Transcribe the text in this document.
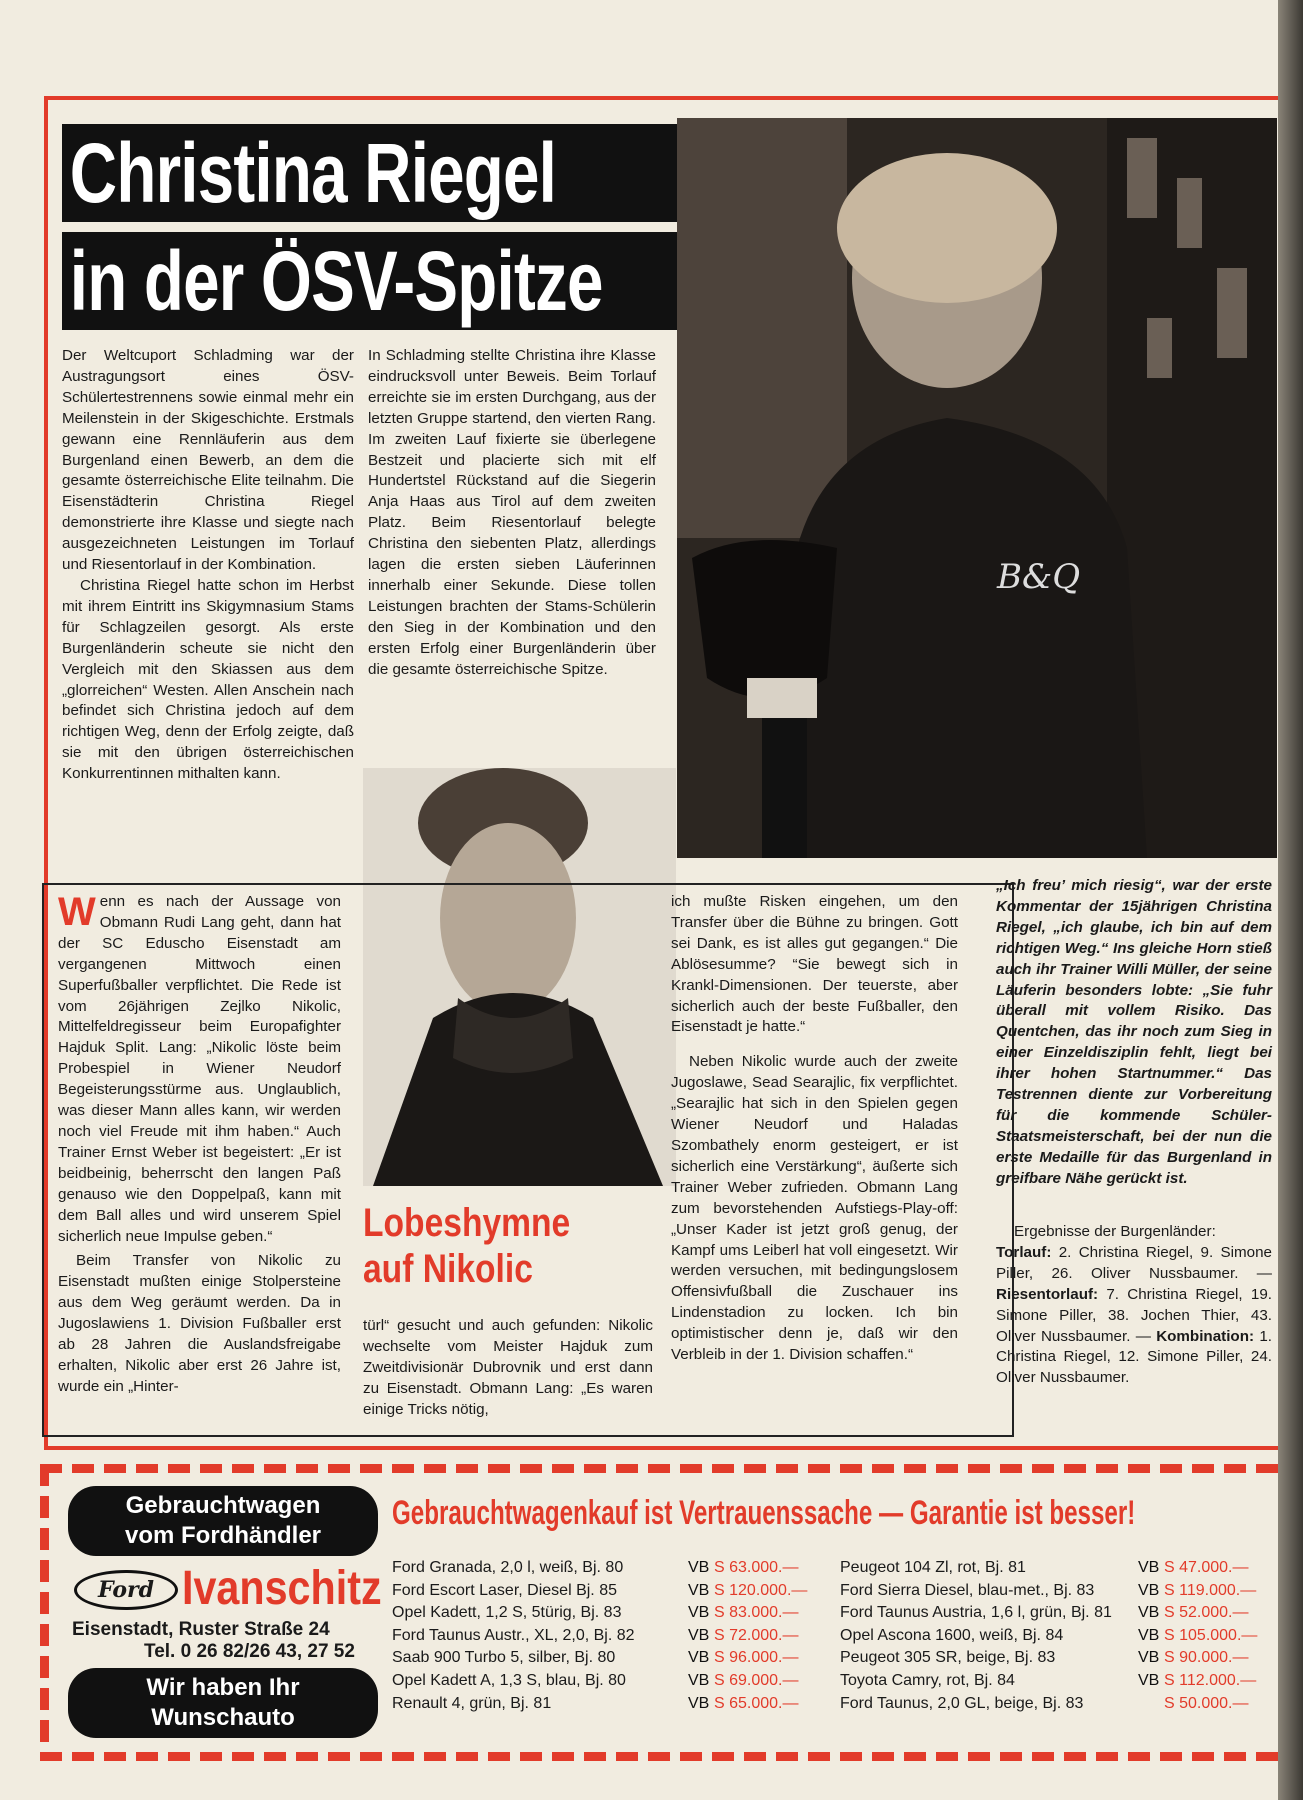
Christina Riegel
in der ÖSV-Spitze
B&Q

Der Weltcuport Schladming war der Austragungsort eines ÖSV-Schülertestrennens sowie einmal mehr ein Meilenstein in der Skigeschichte. Erstmals gewann eine Rennläuferin aus dem Burgenland einen Bewerb, an dem die gesamte österreichische Elite teilnahm. Die Eisenstädterin Christina Riegel demonstrierte ihre Klasse und siegte nach ausgezeichneten Leistungen im Torlauf und Riesentorlauf in der Kombination.

Christina Riegel hatte schon im Herbst mit ihrem Eintritt ins Skigymnasium Stams für Schlagzeilen gesorgt. Als erste Burgenländerin scheute sie nicht den Vergleich mit den Skiassen aus dem „glorreichen“ Westen. Allen Anschein nach befindet sich Christina jedoch auf dem richtigen Weg, denn der Erfolg zeigte, daß sie mit den übrigen österreichischen Konkurrentinnen mithalten kann.

In Schladming stellte Christina ihre Klasse eindrucksvoll unter Beweis. Beim Torlauf erreichte sie im ersten Durchgang, aus der letzten Gruppe startend, den vierten Rang. Im zweiten Lauf fixierte sie überlegene Bestzeit und placierte sich mit elf Hundertstel Rückstand auf die Siegerin Anja Haas aus Tirol auf dem zweiten Platz. Beim Riesentorlauf belegte Christina den siebenten Platz, allerdings lagen die ersten sieben Läuferinnen innerhalb einer Sekunde. Diese tollen Leistungen brachten der Stams-Schülerin den Sieg in der Kombination und den ersten Erfolg einer Burgenländerin über die gesamte österreichische Spitze.

Wenn es nach der Aussage von Obmann Rudi Lang geht, dann hat der SC Eduscho Eisenstadt am vergangenen Mittwoch einen Superfußballer verpflichtet. Die Rede ist vom 26jährigen Zejlko Nikolic, Mittelfeldregisseur beim Europafighter Hajduk Split. Lang: „Nikolic löste beim Probespiel in Wiener Neudorf Begeisterungsstürme aus. Unglaublich, was dieser Mann alles kann, wir werden noch viel Freude mit ihm haben.“ Auch Trainer Ernst Weber ist begeistert: „Er ist beidbeinig, beherrscht den langen Paß genauso wie den Doppelpaß, kann mit dem Ball alles und wird unserem Spiel sicherlich neue Impulse geben.“

Beim Transfer von Nikolic zu Eisenstadt mußten einige Stolpersteine aus dem Weg geräumt werden. Da in Jugoslawiens 1. Division Fußballer erst ab 28 Jahren die Auslandsfreigabe erhalten, Nikolic aber erst 26 Jahre ist, wurde ein „Hinter-

Lobeshymne
auf Nikolic

türl“ gesucht und auch gefunden: Nikolic wechselte vom Meister Hajduk zum Zweitdivisionär Dubrovnik und erst dann zu Eisenstadt. Obmann Lang: „Es waren einige Tricks nötig,

ich mußte Risken eingehen, um den Transfer über die Bühne zu bringen. Gott sei Dank, es ist alles gut gegangen.“ Die Ablösesumme? “Sie bewegt sich in Krankl-Dimensionen. Der teuerste, aber sicherlich auch der beste Fußballer, den Eisenstadt je hatte.“

Neben Nikolic wurde auch der zweite Jugoslawe, Sead Searajlic, fix verpflichtet. „Searajlic hat sich in den Spielen gegen Wiener Neudorf und Haladas Szombathely enorm gesteigert, er ist sicherlich eine Verstärkung“, äußerte sich Trainer Weber zufrieden. Obmann Lang zum bevorstehenden Aufstiegs-Play-off: „Unser Kader ist jetzt groß genug, der Kampf ums Leiberl hat voll eingesetzt. Wir werden versuchen, mit bedingungslosem Offensivfußball die Zuschauer ins Lindenstadion zu locken. Ich bin optimistischer denn je, daß wir den Verbleib in der 1. Division schaffen.“

„Ich freu’ mich riesig“, war der erste Kommentar der 15jährigen Christina Riegel, „ich glaube, ich bin auf dem richtigen Weg.“ Ins gleiche Horn stieß auch ihr Trainer Willi Müller, der seine Läuferin besonders lobte: „Sie fuhr überall mit vollem Risiko. Das Quentchen, das ihr noch zum Sieg in einer Einzeldisziplin fehlt, liegt bei ihrer hohen Startnummer.“ Das Testrennen diente zur Vorbereitung für die kommende Schüler-Staatsmeisterschaft, bei der nun die erste Medaille für das Burgenland in greifbare Nähe gerückt ist.

Ergebnisse der Burgenländer:

Torlauf: 2. Christina Riegel, 9. Simone Piller, 26. Oliver Nussbaumer. — Riesentorlauf: 7. Christina Riegel, 19. Simone Piller, 38. Jochen Thier, 43. Oliver Nussbaumer. — Kombination: 1. Christina Riegel, 12. Simone Piller, 24. Oliver Nussbaumer.

Gebrauchtwagen
vom Fordhändler
Ford Ivanschitz
Eisenstadt, Ruster Straße 24
Tel. 0 26 82/26 43, 27 52
Wir haben Ihr
Wunschauto
Gebrauchtwagenkauf ist Vertrauenssache — Garantie ist besser!
Ford Granada, 2,0 l, weiß, Bj. 80	VB S 63.000.—
Ford Escort Laser, Diesel Bj. 85	VB S 120.000.—
Opel Kadett, 1,2 S, 5türig, Bj. 83	VB S 83.000.—
Ford Taunus Austr., XL, 2,0, Bj. 82	VB S 72.000.—
Saab 900 Turbo 5, silber, Bj. 80	VB S 96.000.—
Opel Kadett A, 1,3 S, blau, Bj. 80	VB S 69.000.—
Renault 4, grün, Bj. 81	VB S 65.000.—
Peugeot 104 Zl, rot, Bj. 81	VB S 47.000.—
Ford Sierra Diesel, blau-met., Bj. 83	VB S 119.000.—
Ford Taunus Austria, 1,6 l, grün, Bj. 81 VB S 52.000.—
Opel Ascona 1600, weiß, Bj. 84	VB S 105.000.—
Peugeot 305 SR, beige, Bj. 83	VB S 90.000.—
Toyota Camry, rot, Bj. 84	VB S 112.000.—
Ford Taunus, 2,0 GL, beige, Bj. 83	S 50.000.—
